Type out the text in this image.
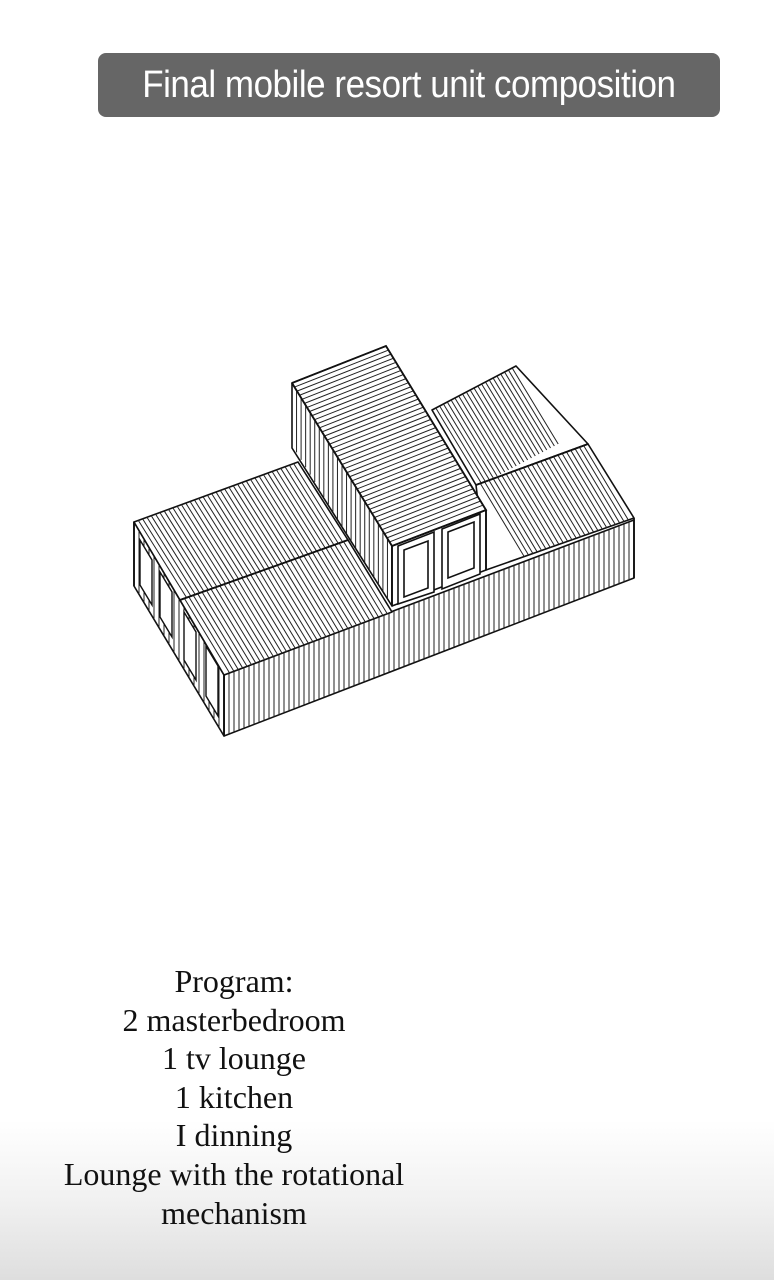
Final mobile resort unit composition
Program:
2 masterbedroom
1 tv lounge
1 kitchen
I dinning
Lounge with the rotational
mechanism
